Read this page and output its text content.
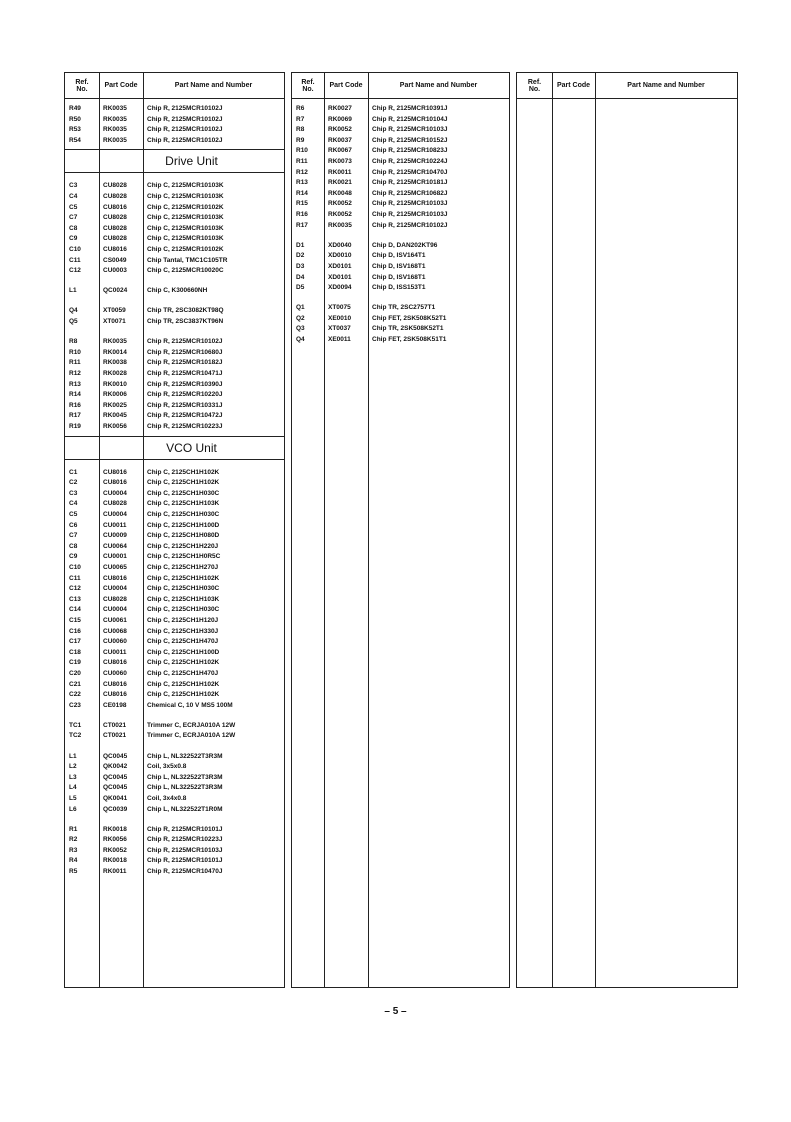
Ref.
No.	Part Code	Part Name and Number
R49	RK0035	Chip R, 2125MCR10102J
R50	RK0035	Chip R, 2125MCR10102J
R53	RK0035	Chip R, 2125MCR10102J
R54	RK0035	Chip R, 2125MCR10102J
Drive Unit
C3	CU8028	Chip C, 2125MCR10103K
C4	CU8028	Chip C, 2125MCR10103K
C5	CU8016	Chip C, 2125MCR10102K
C7	CU8028	Chip C, 2125MCR10103K
C8	CU8028	Chip C, 2125MCR10103K
C9	CU8028	Chip C, 2125MCR10103K
C10	CU8016	Chip C, 2125MCR10102K
C11	CS0049	Chip Tantal, TMC1C105TR
C12	CU0003	Chip C, 2125MCR10020C
L1	QC0024	Chip C, K300660NH
Q4	XT0059	Chip TR, 2SC3082KT98Q
Q5	XT0071	Chip TR, 2SC3837KT96N
R8	RK0035	Chip R, 2125MCR10102J
R10	RK0014	Chip R, 2125MCR10680J
R11	RK0038	Chip R, 2125MCR10182J
R12	RK0028	Chip R, 2125MCR10471J
R13	RK0010	Chip R, 2125MCR10390J
R14	RK0006	Chip R, 2125MCR10220J
R16	RK0025	Chip R, 2125MCR10331J
R17	RK0045	Chip R, 2125MCR10472J
R19	RK0056	Chip R, 2125MCR10223J
VCO Unit
C1	CU8016	Chip C, 2125CH1H102K
C2	CU8016	Chip C, 2125CH1H102K
C3	CU0004	Chip C, 2125CH1H030C
C4	CU8028	Chip C, 2125CH1H103K
C5	CU0004	Chip C, 2125CH1H030C
C6	CU0011	Chip C, 2125CH1H100D
C7	CU0009	Chip C, 2125CH1H080D
C8	CU0064	Chip C, 2125CH1H220J
C9	CU0001	Chip C, 2125CH1H0R5C
C10	CU0065	Chip C, 2125CH1H270J
C11	CU8016	Chip C, 2125CH1H102K
C12	CU0004	Chip C, 2125CH1H030C
C13	CU8028	Chip C, 2125CH1H103K
C14	CU0004	Chip C, 2125CH1H030C
C15	CU0061	Chip C, 2125CH1H120J
C16	CU0068	Chip C, 2125CH1H330J
C17	CU0060	Chip C, 2125CH1H470J
C18	CU0011	Chip C, 2125CH1H100D
C19	CU8016	Chip C, 2125CH1H102K
C20	CU0060	Chip C, 2125CH1H470J
C21	CU8016	Chip C, 2125CH1H102K
C22	CU8016	Chip C, 2125CH1H102K
C23	CE0198	Chemical C, 10 V MS5 100M
TC1	CT0021	Trimmer C, ECRJA010A 12W
TC2	CT0021	Trimmer C, ECRJA010A 12W
L1	QC0045	Chip L, NL322522T3R3M
L2	QK0042	Coil, 3x5x0.8
L3	QC0045	Chip L, NL322522T3R3M
L4	QC0045	Chip L, NL322522T3R3M
L5	QK0041	Coil, 3x4x0.8
L6	QC0039	Chip L, NL322522T1R0M
R1	RK0018	Chip R, 2125MCR10101J
R2	RK0056	Chip R, 2125MCR10223J
R3	RK0052	Chip R, 2125MCR10103J
R4	RK0018	Chip R, 2125MCR10101J
R5	RK0011	Chip R, 2125MCR10470J
Ref.
No.	Part Code	Part Name and Number
R6	RK0027	Chip R, 2125MCR10391J
R7	RK0069	Chip R, 2125MCR10104J
R8	RK0052	Chip R, 2125MCR10103J
R9	RK0037	Chip R, 2125MCR10152J
R10	RK0067	Chip R, 2125MCR10823J
R11	RK0073	Chip R, 2125MCR10224J
R12	RK0011	Chip R, 2125MCR10470J
R13	RK0021	Chip R, 2125MCR10181J
R14	RK0048	Chip R, 2125MCR10682J
R15	RK0052	Chip R, 2125MCR10103J
R16	RK0052	Chip R, 2125MCR10103J
R17	RK0035	Chip R, 2125MCR10102J
D1	XD0040	Chip D, DAN202KT96
D2	XD0010	Chip D, ISV164T1
D3	XD0101	Chip D, ISV168T1
D4	XD0101	Chip D, ISV168T1
D5	XD0094	Chip D, ISS153T1
Q1	XT0075	Chip TR, 2SC2757T1
Q2	XE0010	Chip FET, 2SK508K52T1
Q3	XT0037	Chip TR, 2SK508K52T1
Q4	XE0011	Chip FET, 2SK508K51T1
Ref.
No.	Part Code	Part Name and Number
– 5 –
